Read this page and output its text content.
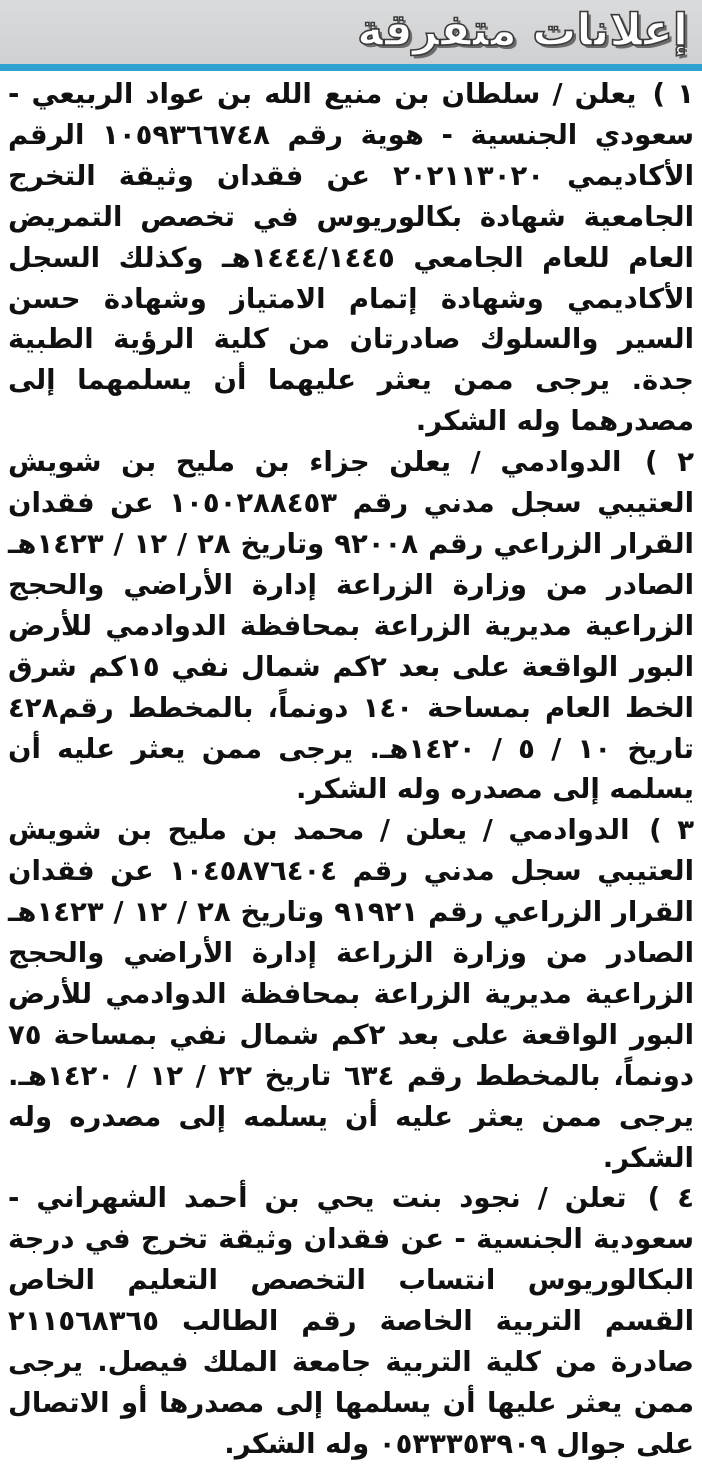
إعلانات متفرقة

١ ) يعلن / سلطان بن منيع الله بن عواد الربيعي - سعودي الجنسية - هوية رقم ١٠٥٩٣٦٦٧٤٨ الرقم الأكاديمي ٢٠٢١١٣٠٢٠ عن فقدان وثيقة التخرج الجامعية شهادة بكالوريوس في تخصص التمريض العام للعام الجامعي ١٤٤٤/١٤٤٥هـ وكذلك السجل الأكاديمي وشهادة إتمام الامتياز وشهادة حسن السير والسلوك صادرتان من كلية الرؤية الطبية جدة. يرجى ممن يعثر عليهما أن يسلمهما إلى مصدرهما وله الشكر.

٢ ) الدوادمي / يعلن جزاء بن مليح بن شويش العتيبي سجل مدني رقم ١٠٥٠٢٨٨٤٥٣ عن فقدان القرار الزراعي رقم ٩٢٠٠٨ وتاريخ ٢٨ / ١٢ / ١٤٢٣هـ الصادر من وزارة الزراعة إدارة الأراضي والحجج الزراعية مديرية الزراعة بمحافظة الدوادمي للأرض البور الواقعة على بعد ٢كم شمال نفي ١٥كم شرق الخط العام بمساحة ١٤٠ دونماً، بالمخطط رقم٤٢٨ تاريخ ١٠ / ٥ / ١٤٢٠هـ. يرجى ممن يعثر عليه أن يسلمه إلى مصدره وله الشكر.

٣ ) الدوادمي / يعلن / محمد بن مليح بن شويش العتيبي سجل مدني رقم ١٠٤٥٨٧٦٤٠٤ عن فقدان القرار الزراعي رقم ٩١٩٢١ وتاريخ ٢٨ / ١٢ / ١٤٢٣هـ الصادر من وزارة الزراعة إدارة الأراضي والحجج الزراعية مديرية الزراعة بمحافظة الدوادمي للأرض البور الواقعة على بعد ٢كم شمال نفي بمساحة ٧٥ دونماً، بالمخطط رقم ٦٣٤ تاريخ ٢٢ / ١٢ / ١٤٢٠هـ. يرجى ممن يعثر عليه أن يسلمه إلى مصدره وله الشكر.

٤ ) تعلن / نجود بنت يحي بن أحمد الشهراني - سعودية الجنسية - عن فقدان وثيقة تخرج في درجة البكالوريوس انتساب التخصص التعليم الخاص القسم التربية الخاصة رقم الطالب ٢١١٥٦٨٣٦٥ صادرة من كلية التربية جامعة الملك فيصل. يرجى ممن يعثر عليها أن يسلمها إلى مصدرها أو الاتصال على جوال ٠٥٣٣٣٥٣٩٠٩ وله الشكر.
